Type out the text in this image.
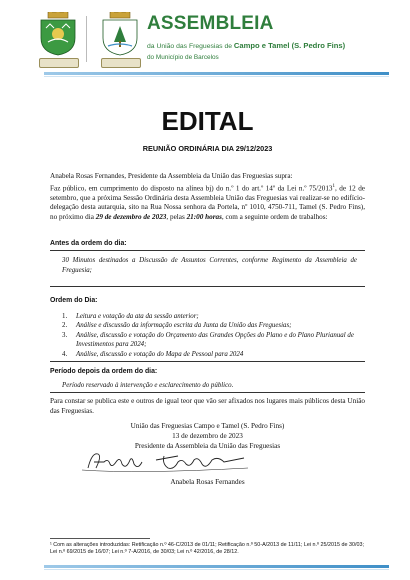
ASSEMBLEIA
da União das Freguesias de Campo e Tamel (S. Pedro Fins)
do Município de Barcelos
EDITAL
REUNIÃO ORDINÁRIA DIA 29/12/2023
Anabela Rosas Fernandes, Presidente da Assembleia da União das Freguesias supra:
Faz público, em cumprimento do disposto na alínea bj) do n.º 1 do art.º 14º da Lei n.º 75/2013$^1$, de 12 de setembro, que a próxima Sessão Ordinária desta Assembleia União das Freguesias vai realizar-se no edifício-delegação desta autarquia, sito na Rua Nossa senhora da Portela, nº 1010, 4750-711, Tamel (S. Pedro Fins), no próximo dia 29 de dezembro de 2023, pelas 21:00 horas, com a seguinte ordem de trabalhos:
Antes da ordem do dia:
30 Minutos destinados a Discussão de Assuntos Correntes, conforme Regimento da Assembleia de Freguesia;
Ordem do Dia:
1.	Leitura e votação da ata da sessão anterior;
2.	Análise e discussão da informação escrita da Junta da União das Freguesias;
3.	Análise, discussão e votação do Orçamento das Grandes Opções do Plano e do Plano Plurianual de Investimentos para 2024;
4.	Análise, discussão e votação do Mapa de Pessoal para 2024
Período depois da ordem do dia:
Período reservado à intervenção e esclarecimento do público.
Para constar se publica este e outros de igual teor que vão ser afixados nos lugares mais públicos desta União das Freguesias.
União das Freguesias Campo e Tamel (S. Pedro Fins)
13 de dezembro de 2023
Presidente da Assembleia da União das Freguesias
Anabela Rosas Fernandes
¹ Com as alterações introduzidas: Retificação n.º 46-C/2013 de 01/11; Retificação n.º 50-A/2013 de 11/11; Lei n.º 25/2015 de 30/03; Lei n.º 69/2015 de 16/07; Lei n.º 7-A/2016, de 30/03; Lei n.º 42/2016, de 28/12.
